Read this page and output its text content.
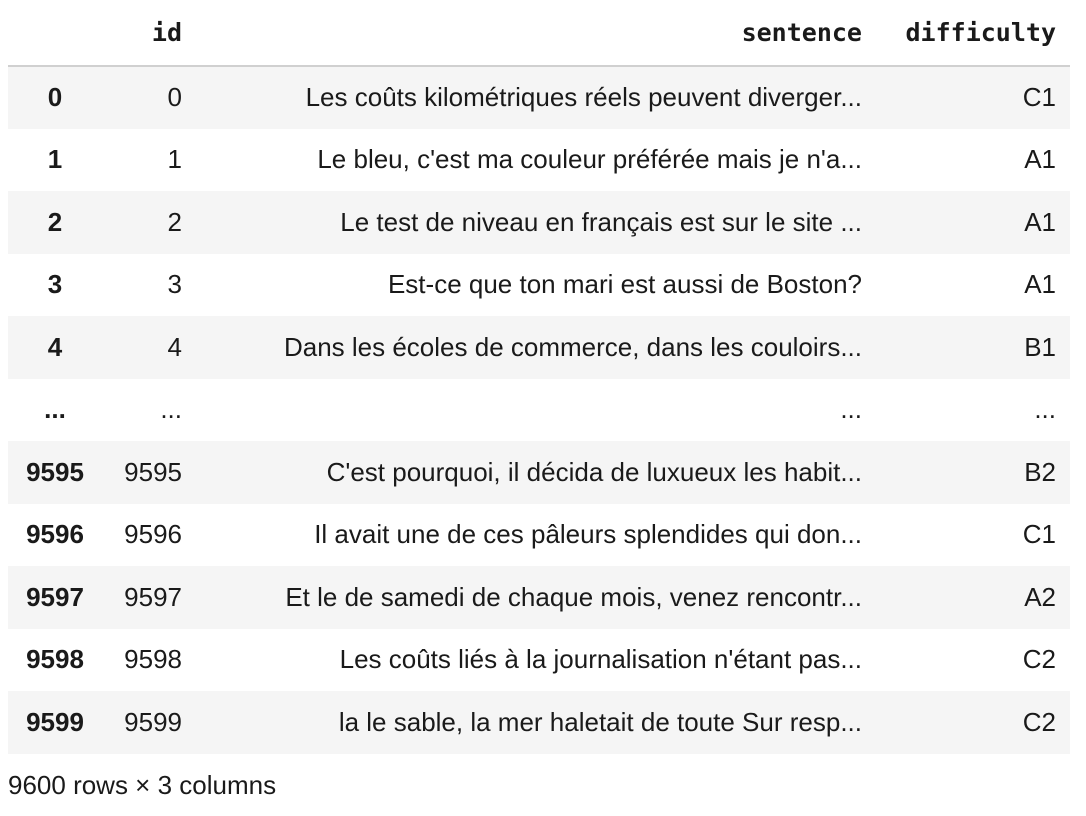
	id	sentence	difficulty
0	0	Les coûts kilométriques réels peuvent diverger...	C1
1	1	Le bleu, c'est ma couleur préférée mais je n'a...	A1
2	2	Le test de niveau en français est sur le site ...	A1
3	3	Est-ce que ton mari est aussi de Boston?	A1
4	4	Dans les écoles de commerce, dans les couloirs...	B1
...	...	...	...
9595	9595	C'est pourquoi, il décida de luxueux les habit...	B2
9596	9596	Il avait une de ces pâleurs splendides qui don...	C1
9597	9597	Et le de samedi de chaque mois, venez rencontr...	A2
9598	9598	Les coûts liés à la journalisation n'étant pas...	C2
9599	9599	la le sable, la mer haletait de toute Sur resp...	C2
9600 rows × 3 columns
